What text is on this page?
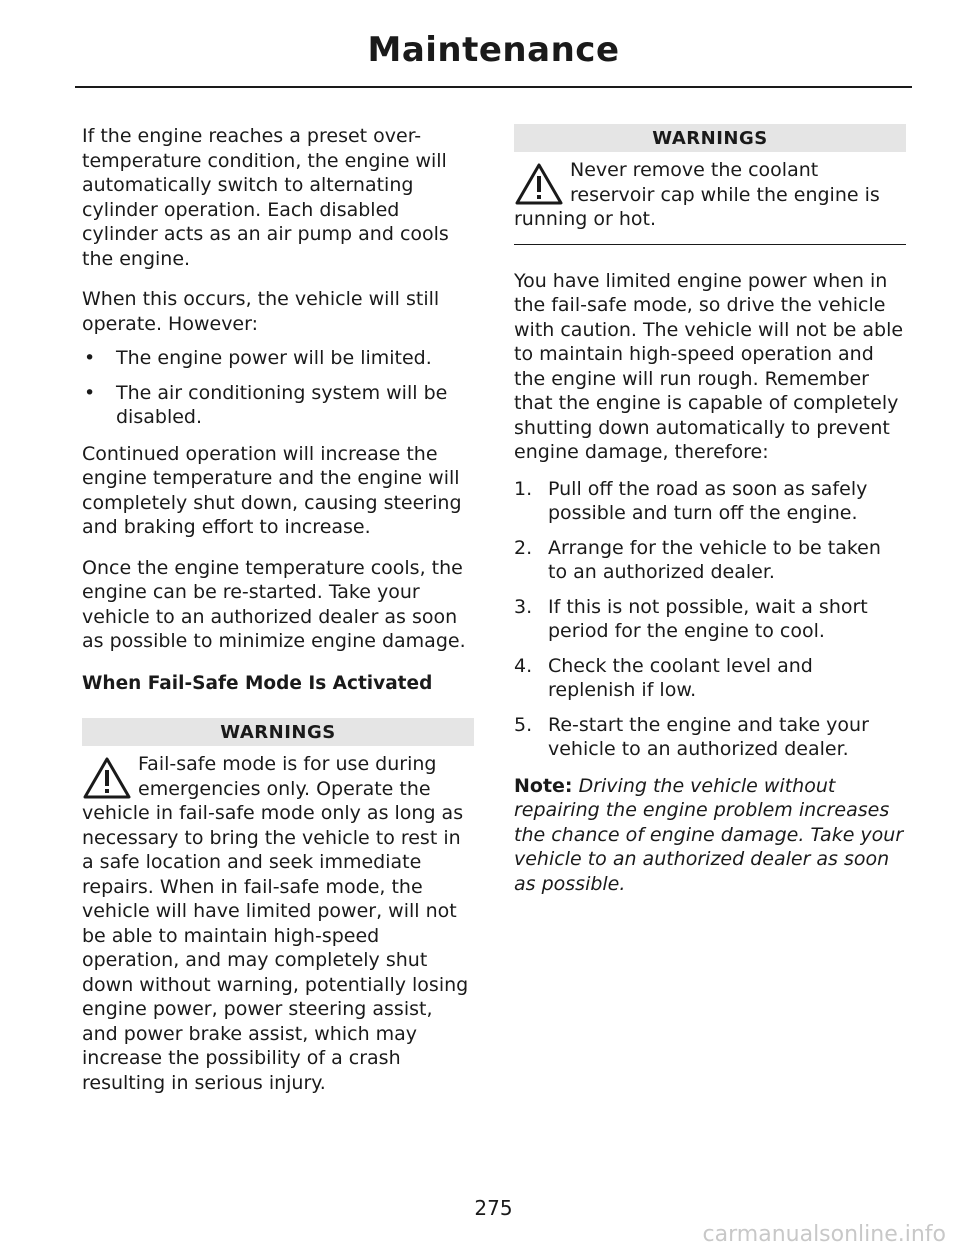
Maintenance

If the engine reaches a preset over-temperature condition, the engine will automatically switch to alternating cylinder operation. Each disabled cylinder acts as an air pump and cools the engine.

When this occurs, the vehicle will still operate. However:

• The engine power will be limited.
• The air conditioning system will be disabled.

Continued operation will increase the engine temperature and the engine will completely shut down, causing steering and braking effort to increase.

Once the engine temperature cools, the engine can be re-started. Take your vehicle to an authorized dealer as soon as possible to minimize engine damage.

When Fail-Safe Mode Is Activated
WARNINGS
Fail-safe mode is for use during emergencies only. Operate the vehicle in fail-safe mode only as long as necessary to bring the vehicle to rest in a safe location and seek immediate repairs. When in fail-safe mode, the vehicle will have limited power, will not be able to maintain high-speed operation, and may completely shut down without warning, potentially losing engine power, power steering assist, and power brake assist, which may increase the possibility of a crash resulting in serious injury.
WARNINGS
Never remove the coolant reservoir cap while the engine is running or hot.

You have limited engine power when in the fail-safe mode, so drive the vehicle with caution. The vehicle will not be able to maintain high-speed operation and the engine will run rough. Remember that the engine is capable of completely shutting down automatically to prevent engine damage, therefore:

1. Pull off the road as soon as safely possible and turn off the engine.
2. Arrange for the vehicle to be taken to an authorized dealer.
3. If this is not possible, wait a short period for the engine to cool.
4. Check the coolant level and replenish if low.
5. Re-start the engine and take your vehicle to an authorized dealer.

Note: Driving the vehicle without repairing the engine problem increases the chance of engine damage. Take your vehicle to an authorized dealer as soon as possible.

275
carmanualsonline.info
